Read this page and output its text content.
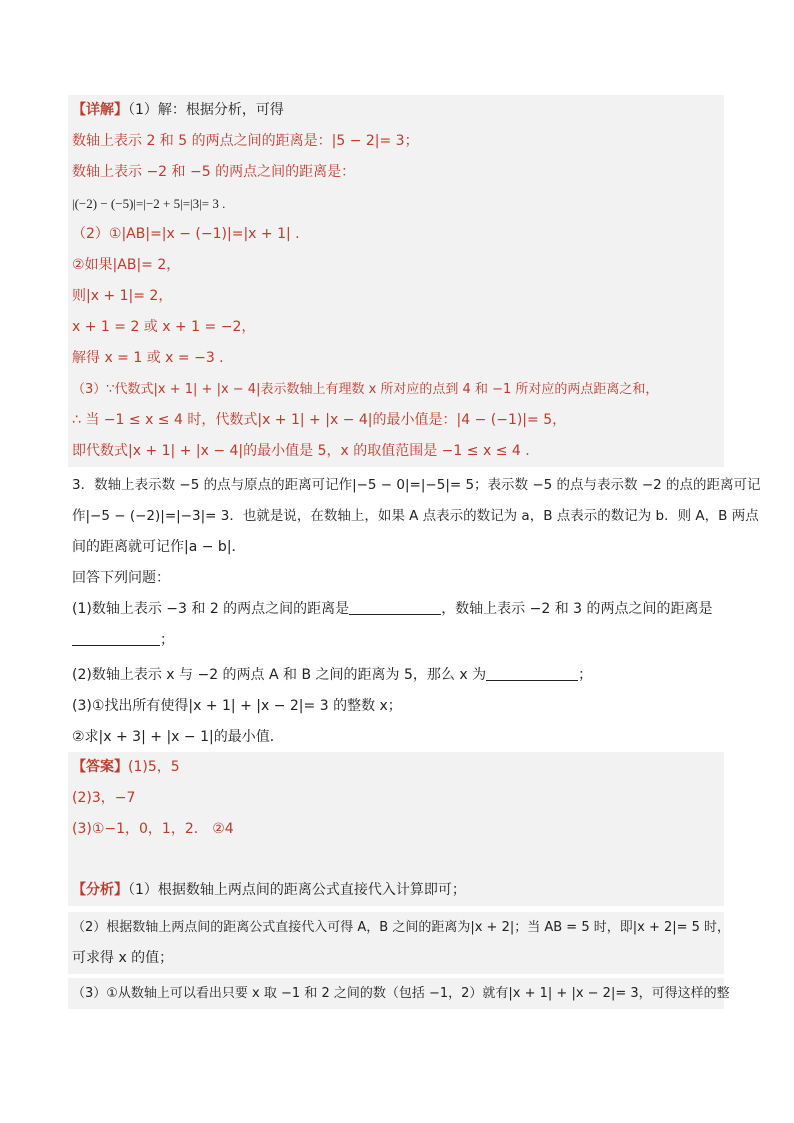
【详解】（1）解：根据分析，可得
数轴上表示 2 和 5 的两点之间的距离是：|5 − 2|= 3；
数轴上表示 −2 和 −5 的两点之间的距离是：
|(−2) − (−5)|=|−2 + 5|=|3|= 3 .
（2）①|AB|=|x − (−1)|=|x + 1| .
②如果|AB|= 2，
则|x + 1|= 2，
x + 1 = 2 或 x + 1 = −2，
解得 x = 1 或 x = −3 .
（3）∵代数式|x + 1| + |x − 4|表示数轴上有理数 x 所对应的点到 4 和 −1 所对应的两点距离之和，
∴ 当 −1 ≤ x ≤ 4 时，代数式|x + 1| + |x − 4|的最小值是：|4 − (−1)|= 5，
即代数式|x + 1| + |x − 4|的最小值是 5，x 的取值范围是 −1 ≤ x ≤ 4 .
3．数轴上表示数 −5 的点与原点的距离可记作|−5 − 0|=|−5|= 5；表示数 −5 的点与表示数 −2 的点的距离可记
作|−5 − (−2)|=|−3|= 3．也就是说，在数轴上，如果 A 点表示的数记为 a，B 点表示的数记为 b．则 A，B 两点
间的距离就可记作|a − b|．
回答下列问题：
(1)数轴上表示 −3 和 2 的两点之间的距离是	，数轴上表示 −2 和 3 的两点之间的距离是
；
(2)数轴上表示 x 与 −2 的两点 A 和 B 之间的距离为 5，那么 x 为	；
(3)①找出所有使得|x + 1| + |x − 2|= 3 的整数 x；
②求|x + 3| + |x − 1|的最小值．
【答案】(1)5，5
(2)3，−7
(3)①−1，0，1，2． ②4
【分析】（1）根据数轴上两点间的距离公式直接代入计算即可；
（2）根据数轴上两点间的距离公式直接代入可得 A，B 之间的距离为|x + 2|；当 AB = 5 时，即|x + 2|= 5 时，
可求得 x 的值；
（3）①从数轴上可以看出只要 x 取 −1 和 2 之间的数（包括 −1，2）就有|x + 1| + |x − 2|= 3，可得这样的整
